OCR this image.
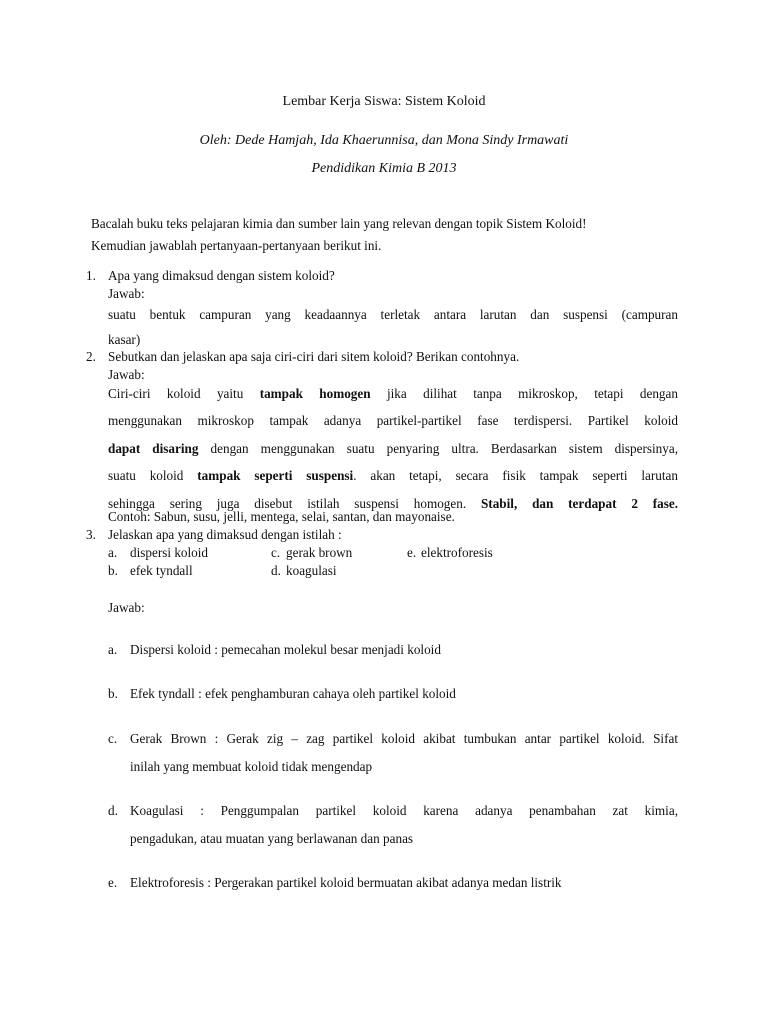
Lembar Kerja Siswa: Sistem Koloid
Oleh: Dede Hamjah, Ida Khaerunnisa, dan Mona Sindy Irmawati
Pendidikan Kimia B 2013
Bacalah buku teks pelajaran kimia dan sumber lain yang relevan dengan topik Sistem Koloid!
Kemudian jawablah pertanyaan-pertanyaan berikut ini.
1. Apa yang dimaksud dengan sistem koloid?
Jawab:
suatu bentuk campuran yang keadaannya terletak antara larutan dan suspensi (campuran
kasar)
2. Sebutkan dan jelaskan apa saja ciri-ciri dari sitem koloid? Berikan contohnya.
Jawab:
Ciri-ciri koloid yaitu tampak homogen jika dilihat tanpa mikroskop, tetapi dengan
menggunakan mikroskop tampak adanya partikel-partikel fase terdispersi. Partikel koloid
dapat disaring dengan menggunakan suatu penyaring ultra. Berdasarkan sistem dispersinya,
suatu koloid tampak seperti suspensi. akan tetapi, secara fisik tampak seperti larutan
sehingga sering juga disebut istilah suspensi homogen. Stabil, dan terdapat 2 fase.
Contoh: Sabun, susu, jelli, mentega, selai, santan, dan mayonaise.
3. Jelaskan apa yang dimaksud dengan istilah :
a. dispersi koloid
b. efek tyndall
c. gerak brown
d. koagulasi
e. elektroforesis
Jawab:
a. Dispersi koloid : pemecahan molekul besar menjadi koloid
b. Efek tyndall : efek penghamburan cahaya oleh partikel koloid
c. Gerak Brown : Gerak zig – zag partikel koloid akibat tumbukan antar partikel koloid. Sifat
inilah yang membuat koloid tidak mengendap
d. Koagulasi : Penggumpalan partikel koloid karena adanya penambahan zat kimia,
pengadukan, atau muatan yang berlawanan dan panas
e. Elektroforesis : Pergerakan partikel koloid bermuatan akibat adanya medan listrik
